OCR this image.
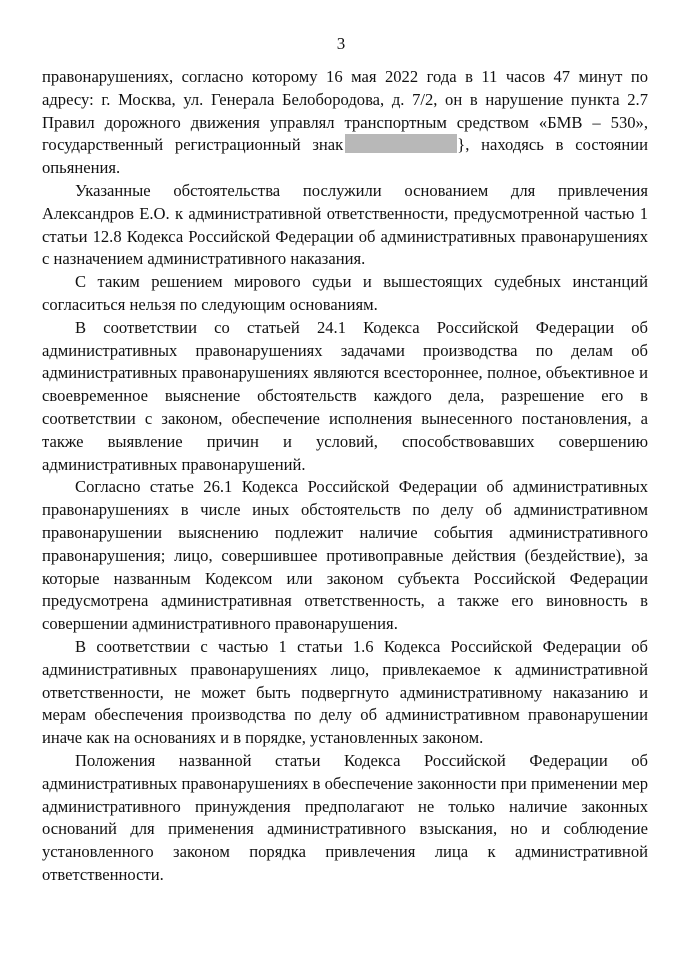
3

правонарушениях, согласно которому 16 мая 2022 года в 11 часов 47 минут по адресу: г. Москва, ул. Генерала Белобородова, д. 7/2, он в нарушение пункта 2.7 Правил дорожного движения управлял транспортным средством «БМВ – 530», государственный регистрационный знак	}, находясь в состоянии опьянения.

Указанные обстоятельства послужили основанием для привлечения Александров Е.О. к административной ответственности, предусмотренной частью 1 статьи 12.8 Кодекса Российской Федерации об административных правонарушениях с назначением административного наказания.

С таким решением мирового судьи и вышестоящих судебных инстанций согласиться нельзя по следующим основаниям.

В соответствии со статьей 24.1 Кодекса Российской Федерации об административных правонарушениях задачами производства по делам об административных правонарушениях являются всестороннее, полное, объективное и своевременное выяснение обстоятельств каждого дела, разрешение его в соответствии с законом, обеспечение исполнения вынесенного постановления, а также выявление причин и условий, способствовавших совершению административных правонарушений.

Согласно статье 26.1 Кодекса Российской Федерации об административных правонарушениях в числе иных обстоятельств по делу об административном правонарушении выяснению подлежит наличие события административного правонарушения; лицо, совершившее противоправные действия (бездействие), за которые названным Кодексом или законом субъекта Российской Федерации предусмотрена административная ответственность, а также его виновность в совершении административного правонарушения.

В соответствии с частью 1 статьи 1.6 Кодекса Российской Федерации об административных правонарушениях лицо, привлекаемое к административной ответственности, не может быть подвергнуто административному наказанию и мерам обеспечения производства по делу об административном правонарушении иначе как на основаниях и в порядке, установленных законом.

Положения названной статьи Кодекса Российской Федерации об административных правонарушениях в обеспечение законности при применении мер административного принуждения предполагают не только наличие законных оснований для применения административного взыскания, но и соблюдение установленного законом порядка привлечения лица к административной ответственности.
